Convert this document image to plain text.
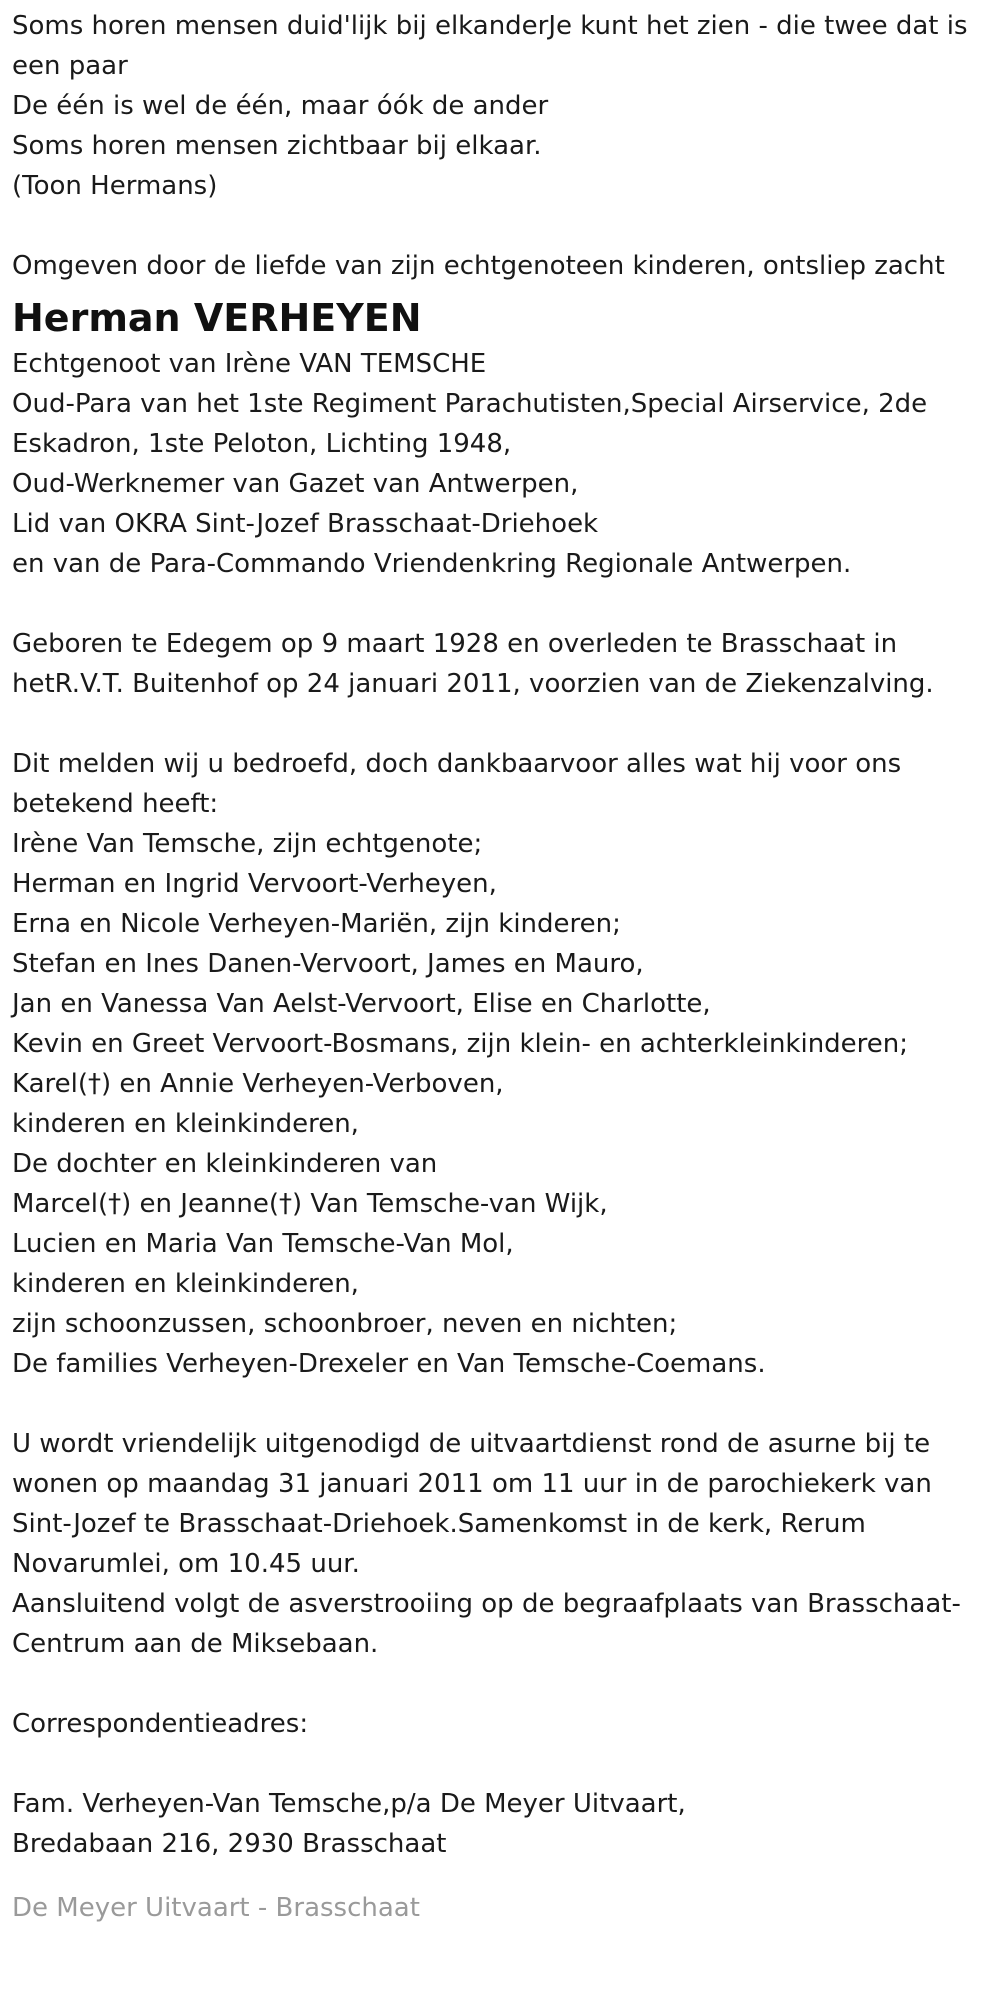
Soms horen mensen duid'lijk bij elkanderJe kunt het zien - die twee dat is een paar

De één is wel de één, maar óók de ander

Soms horen mensen zichtbaar bij elkaar.

(Toon Hermans)

Omgeven door de liefde van zijn echtgenoteen kinderen, ontsliep zacht

Herman VERHEYEN

Echtgenoot van Irène VAN TEMSCHE

Oud-Para van het 1ste Regiment Parachutisten,Special Airservice, 2de Eskadron, 1ste Peloton, Lichting 1948,

Oud-Werknemer van Gazet van Antwerpen,

Lid van OKRA Sint-Jozef Brasschaat-Driehoek

en van de Para-Commando Vriendenkring Regionale Antwerpen.

Geboren te Edegem op 9 maart 1928 en overleden te Brasschaat in hetR.V.T. Buitenhof op 24 januari 2011, voorzien van de Ziekenzalving.

Dit melden wij u bedroefd, doch dankbaarvoor alles wat hij voor ons betekend heeft:

Irène Van Temsche, zijn echtgenote;

Herman en Ingrid Vervoort-Verheyen,

Erna en Nicole Verheyen-Mariën, zijn kinderen;

Stefan en Ines Danen-Vervoort, James en Mauro,

Jan en Vanessa Van Aelst-Vervoort, Elise en Charlotte,

Kevin en Greet Vervoort-Bosmans, zijn klein- en achterkleinkinderen;

Karel(†) en Annie Verheyen-Verboven,

kinderen en kleinkinderen,

De dochter en kleinkinderen van

Marcel(†) en Jeanne(†) Van Temsche-van Wijk,

Lucien en Maria Van Temsche-Van Mol,

kinderen en kleinkinderen,

zijn schoonzussen, schoonbroer, neven en nichten;

De families Verheyen-Drexeler en Van Temsche-Coemans.

U wordt vriendelijk uitgenodigd de uitvaartdienst rond de asurne bij te wonen op maandag 31 januari 2011 om 11 uur in de parochiekerk van Sint-Jozef te Brasschaat-Driehoek.Samenkomst in de kerk, Rerum Novarumlei, om 10.45 uur.

Aansluitend volgt de asverstrooiing op de begraafplaats van Brasschaat-Centrum aan de Miksebaan.

Correspondentieadres:

Fam. Verheyen-Van Temsche,p/a De Meyer Uitvaart,

Bredabaan 216, 2930 Brasschaat

De Meyer Uitvaart - Brasschaat
